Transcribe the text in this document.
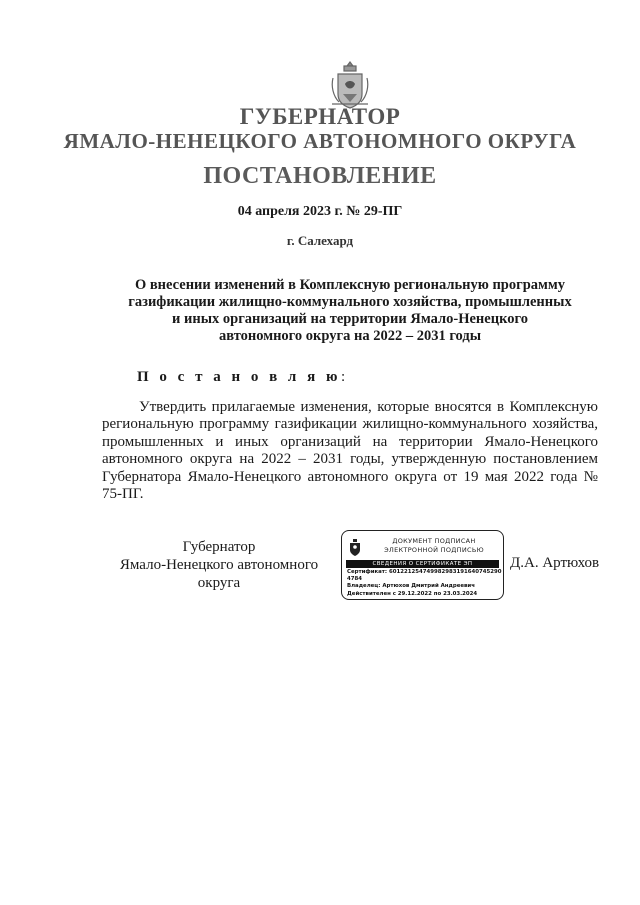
ГУБЕРНАТОР
ЯМАЛО-НЕНЕЦКОГО АВТОНОМНОГО ОКРУГА
ПОСТАНОВЛЕНИЕ
04 апреля 2023 г. № 29-ПГ
г. Салехард
О внесении изменений в Комплексную региональную программу
газификации жилищно-коммунального хозяйства, промышленных
и иных организаций на территории Ямало-Ненецкого
автономного округа на 2022 – 2031 годы
П о с т а н о в л я ю:
Утвердить прилагаемые изменения, которые вносятся в Комплексную региональную программу газификации жилищно-коммунального хозяйства, промышленных и иных организаций на территории Ямало-Ненецкого автономного округа на 2022 – 2031 годы, утвержденную постановлением Губернатора Ямало-Ненецкого автономного округа от 19 мая 2022 года № 75-ПГ.
Губернатор
Ямало-Ненецкого автономного округа
ДОКУМЕНТ ПОДПИСАН
ЭЛЕКТРОННОЙ ПОДПИСЬЮ
СВЕДЕНИЯ О СЕРТИФИКАТЕ ЭП
Сертификат: 6012212547499829831916407452904784
Владелец: Артюхов Дмитрий Андреевич
Действителен с 29.12.2022 по 23.03.2024
Д.А. Артюхов
